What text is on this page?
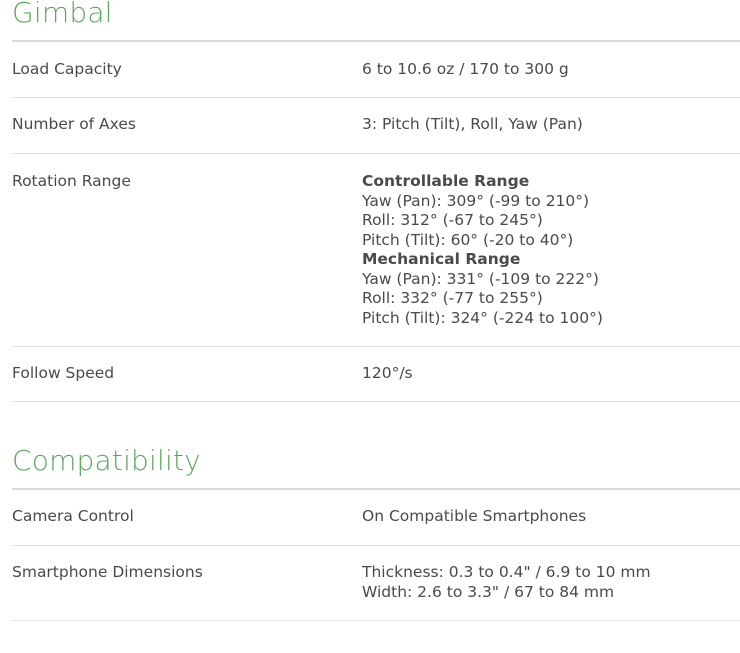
Gimbal
Load Capacity	6 to 10.6 oz / 170 to 300 g
Number of Axes	3: Pitch (Tilt), Roll, Yaw (Pan)
Rotation Range	Controllable Range
Yaw (Pan): 309° (-99 to 210°)
Roll: 312° (-67 to 245°)
Pitch (Tilt): 60° (-20 to 40°)
Mechanical Range
Yaw (Pan): 331° (-109 to 222°)
Roll: 332° (-77 to 255°)
Pitch (Tilt): 324° (-224 to 100°)
Follow Speed	120°/s
Compatibility
Camera Control	On Compatible Smartphones
Smartphone Dimensions	Thickness: 0.3 to 0.4" / 6.9 to 10 mm
Width: 2.6 to 3.3" / 67 to 84 mm
